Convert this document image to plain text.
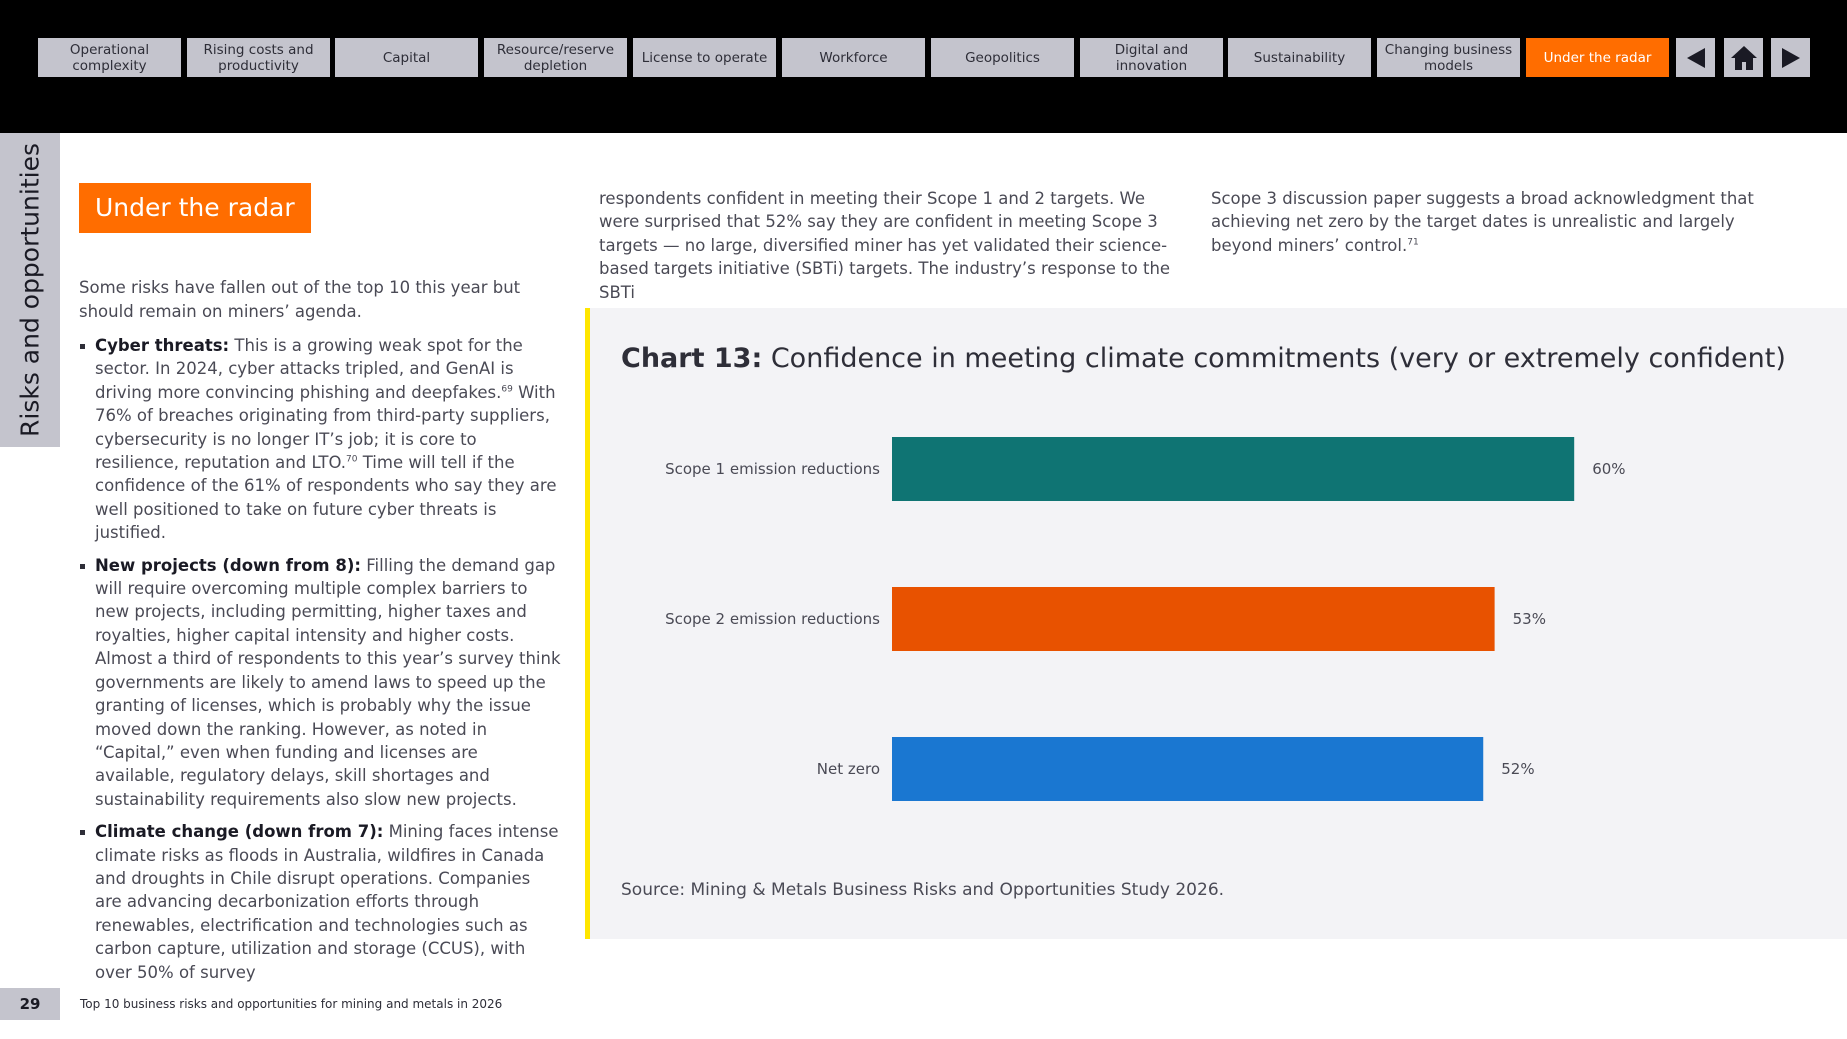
Operational complexity
Rising costs and productivity	Capital	Resource/reserve depletion	License to operate	Workforce	Geopolitics	Digital and innovation	Sustainability	Changing business models	Under the radar
Risks and opportunities	Under the radar

Some risks have fallen out of the top 10 this year but should remain on miners’ agenda.

Cyber threats: This is a growing weak spot for the sector. In 2024, cyber attacks tripled, and GenAI is driving more convincing phishing and deepfakes.$^{69}$ With 76% of breaches originating from third-party suppliers, cybersecurity is no longer IT’s job; it is core to resilience, reputation and LTO.$^{70}$ Time will tell if the confidence of the 61% of respondents who say they are well positioned to take on future cyber threats is justified.
New projects (down from 8): Filling the demand gap will require overcoming multiple complex barriers to new projects, including permitting, higher taxes and royalties, higher capital intensity and higher costs. Almost a third of respondents to this year’s survey think governments are likely to amend laws to speed up the granting of licenses, which is probably why the issue moved down the ranking. However, as noted in “Capital,” even when funding and licenses are available, regulatory delays, skill shortages and sustainability requirements also slow new projects.
Climate change (down from 7): Mining faces intense climate risks as floods in Australia, wildfires in Canada and droughts in Chile disrupt operations. Companies are advancing decarbonization efforts through renewables, electrification and technologies such as carbon capture, utilization and storage (CCUS), with over 50% of survey

respondents confident in meeting their Scope 1 and 2 targets. We were surprised that 52% say they are confident in meeting Scope 3 targets — no large, diversified miner has yet validated their science-based targets initiative (SBTi) targets. The industry’s response to the SBTi

Scope 3 discussion paper suggests a broad acknowledgment that achieving net zero by the target dates is unrealistic and largely beyond miners’ control.$^{71}$

Chart 13: Confidence in meeting climate commitments (very or extremely confident)
Scope 1 emission reductions	60%
Scope 2 emission reductions	53%
Net zero	52%
Source: Mining & Metals Business Risks and Opportunities Study 2026.
29	Top 10 business risks and opportunities for mining and metals in 2026
